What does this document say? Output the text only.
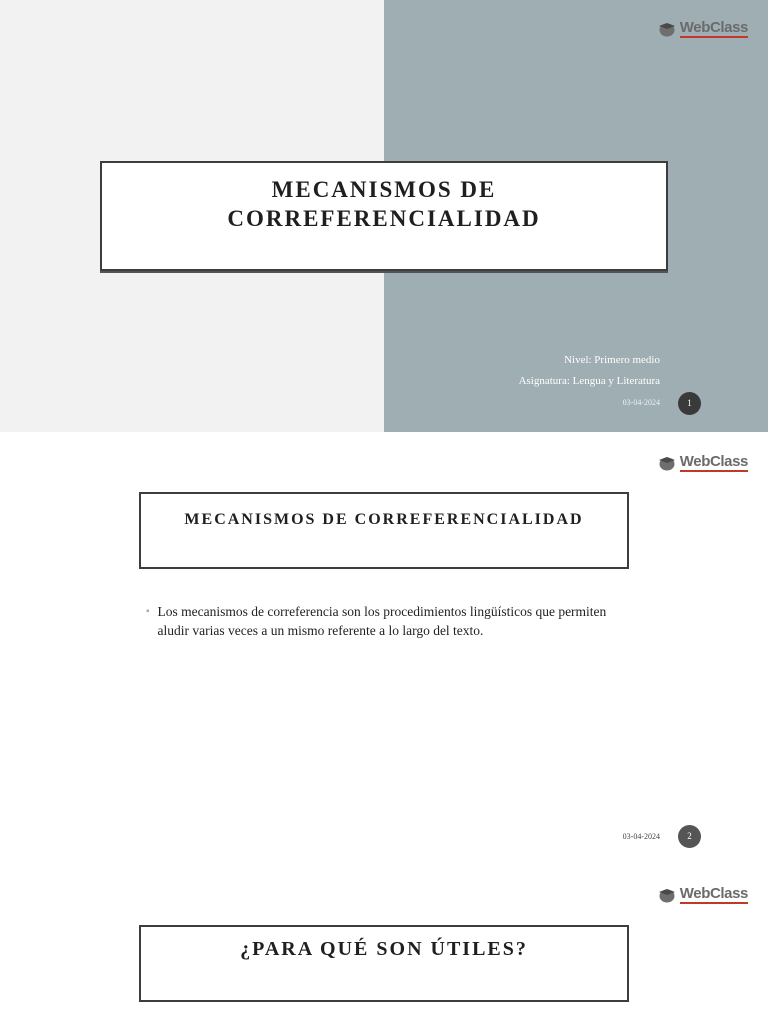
WebClass
MECANISMOS DE
CORREFERENCIALIDAD
Nivel: Primero medio
Asignatura: Lengua y Literatura
03-04-2024	1
WebClass
MECANISMOS DE CORREFERENCIALIDAD
▪ Los mecanismos de correferencia son los procedimientos lingüísticos que permiten aludir varias veces a un mismo referente a lo largo del texto.
03-04-2024	2
WebClass
¿PARA QUÉ SON ÚTILES?
